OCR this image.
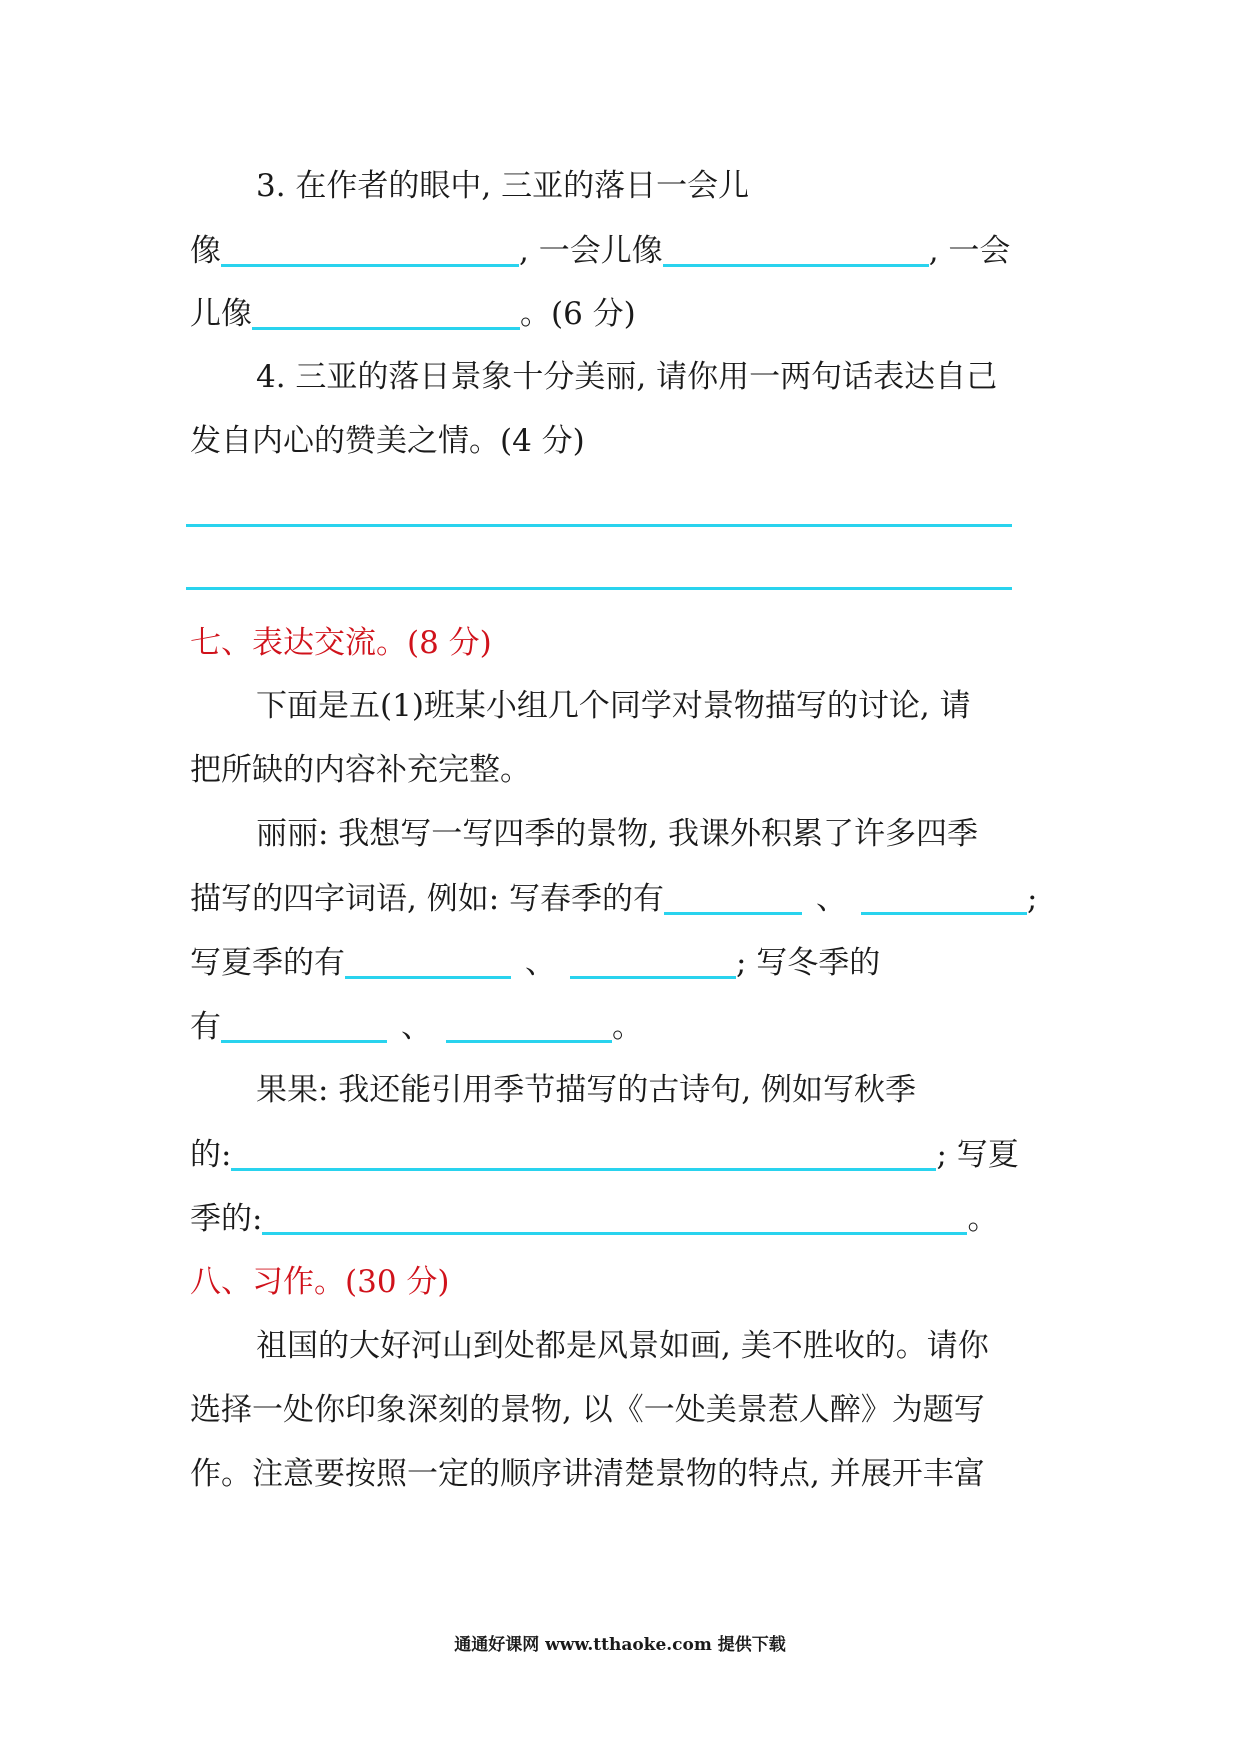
3. 在作者的眼中, 三亚的落日一会儿
像	, 一会儿像	, 一会
儿像	。(6 分)
4. 三亚的落日景象十分美丽, 请你用一两句话表达自己
发自内心的赞美之情。(4 分)
七、表达交流。(8 分)
下面是五(1)班某小组几个同学对景物描写的讨论, 请
把所缺的内容补充完整。
丽丽: 我想写一写四季的景物, 我课外积累了许多四季
描写的四字词语, 例如: 写春季的有	、	;
写夏季的有	、	; 写冬季的
有	、	。
果果: 我还能引用季节描写的古诗句, 例如写秋季
的:	; 写夏
季的:	。
八、习作。(30 分)
祖国的大好河山到处都是风景如画, 美不胜收的。请你
选择一处你印象深刻的景物, 以《一处美景惹人醉》为题写
作。注意要按照一定的顺序讲清楚景物的特点, 并展开丰富
通通好课网 www.tthaoke.com 提供下载
